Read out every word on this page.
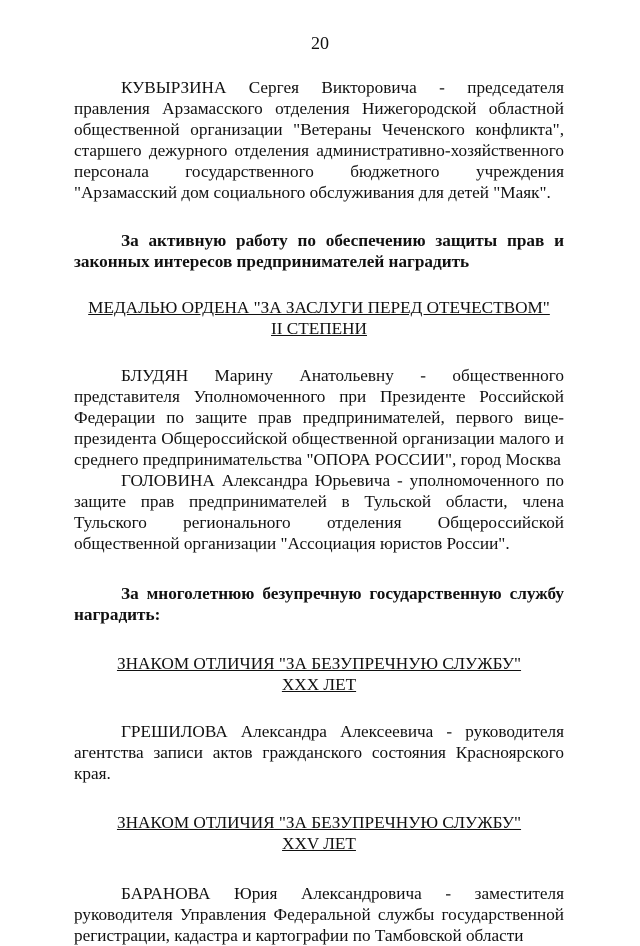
20

КУВЫРЗИНА Сергея Викторовича - председателя правления Арзамасского отделения Нижегородской областной общественной организации "Ветераны Чеченского конфликта", старшего дежурного отделения административно-хозяйственного персонала государственного бюджетного учреждения "Арзамасский дом социального обслуживания для детей "Маяк".

За активную работу по обеспечению защиты прав и законных интересов предпринимателей наградить

МЕДАЛЬЮ ОРДЕНА "ЗА ЗАСЛУГИ ПЕРЕД ОТЕЧЕСТВОМ"
II СТЕПЕНИ

БЛУДЯН Марину Анатольевну - общественного представителя Уполномоченного при Президенте Российской Федерации по защите прав предпринимателей, первого вице-президента Общероссийской общественной организации малого и среднего предпринимательства "ОПОРА РОССИИ", город Москва

ГОЛОВИНА Александра Юрьевича - уполномоченного по защите прав предпринимателей в Тульской области, члена Тульского регионального отделения Общероссийской общественной организации "Ассоциация юристов России".

За многолетнюю безупречную государственную службу наградить:

ЗНАКОМ ОТЛИЧИЯ "ЗА БЕЗУПРЕЧНУЮ СЛУЖБУ"
XXX ЛЕТ

ГРЕШИЛОВА Александра Алексеевича - руководителя агентства записи актов гражданского состояния Красноярского края.

ЗНАКОМ ОТЛИЧИЯ "ЗА БЕЗУПРЕЧНУЮ СЛУЖБУ"
XXV ЛЕТ

БАРАНОВА Юрия Александровича - заместителя руководителя Управления Федеральной службы государственной регистрации, кадастра и картографии по Тамбовской области
